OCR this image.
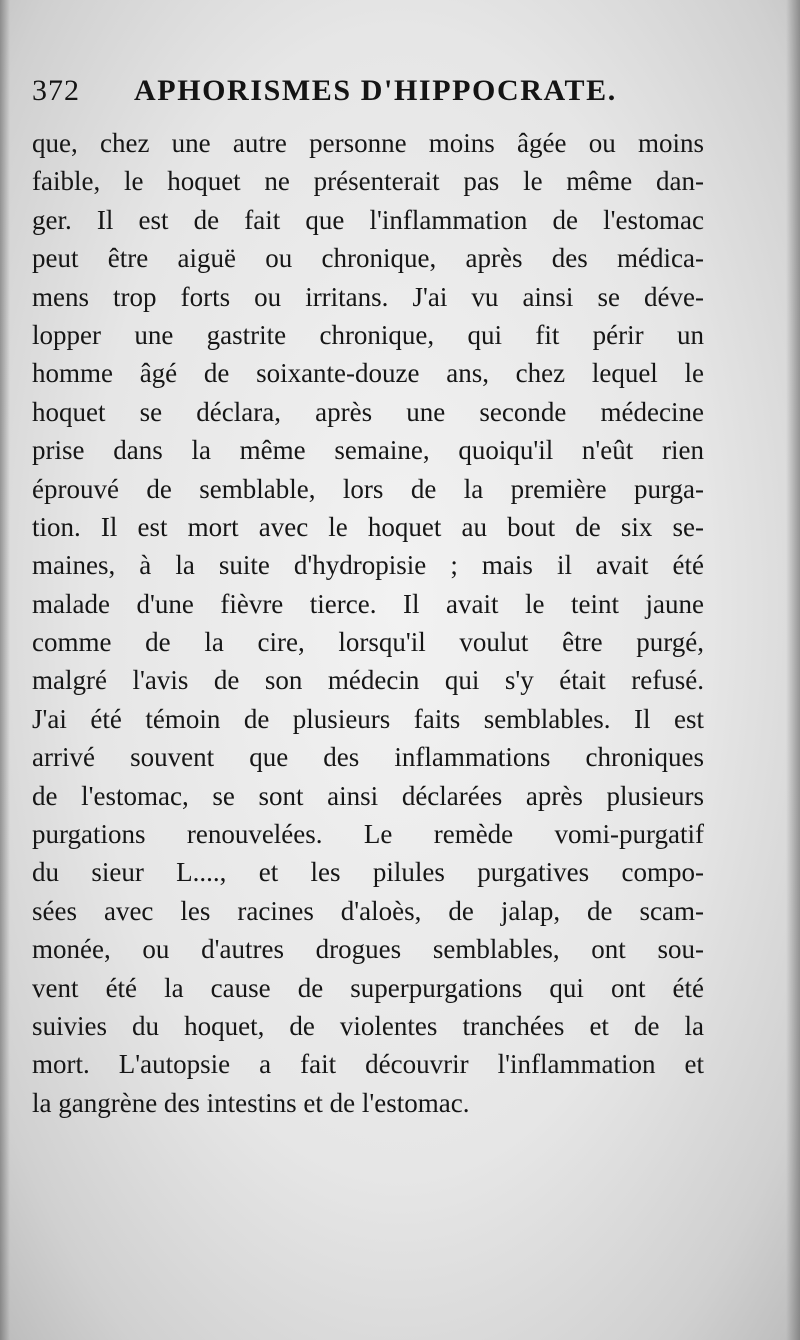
372 APHORISMES D'HIPPOCRATE.
que, chez une autre personne moins âgée ou moins
faible, le hoquet ne présenterait pas le même dan-
ger. Il est de fait que l'inflammation de l'estomac
peut être aiguë ou chronique, après des médica-
mens trop forts ou irritans. J'ai vu ainsi se déve-
lopper une gastrite chronique, qui fit périr un
homme âgé de soixante-douze ans, chez lequel le
hoquet se déclara, après une seconde médecine
prise dans la même semaine, quoiqu'il n'eût rien
éprouvé de semblable, lors de la première purga-
tion. Il est mort avec le hoquet au bout de six se-
maines, à la suite d'hydropisie ; mais il avait été
malade d'une fièvre tierce. Il avait le teint jaune
comme de la cire, lorsqu'il voulut être purgé,
malgré l'avis de son médecin qui s'y était refusé.
J'ai été témoin de plusieurs faits semblables. Il est
arrivé souvent que des inflammations chroniques
de l'estomac, se sont ainsi déclarées après plusieurs
purgations renouvelées. Le remède vomi-purgatif
du sieur L...., et les pilules purgatives compo-
sées avec les racines d'aloès, de jalap, de scam-
monée, ou d'autres drogues semblables, ont sou-
vent été la cause de superpurgations qui ont été
suivies du hoquet, de violentes tranchées et de la
mort. L'autopsie a fait découvrir l'inflammation et
la gangrène des intestins et de l'estomac.
